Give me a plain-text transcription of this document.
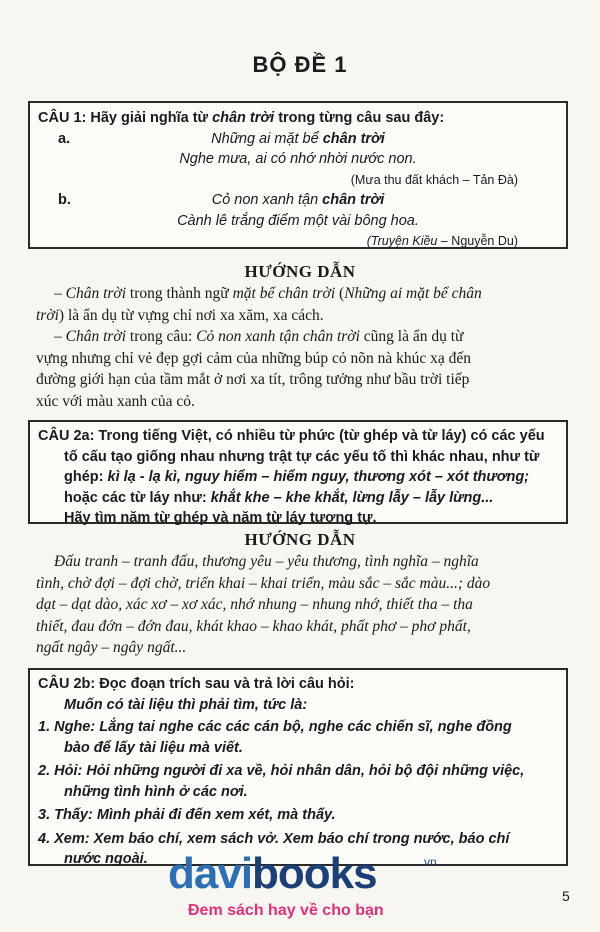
BỘ ĐỀ 1
CÂU 1: Hãy giải nghĩa từ chân trời trong từng câu sau đây:
a.	Những ai mặt bể chân trời
Nghe mưa, ai có nhớ nhời nước non.
(Mưa thu đất khách – Tản Đà)
b.	Cỏ non xanh tận chân trời
Cành lê trắng điểm một vài bông hoa.
(Truyện Kiều – Nguyễn Du)
HƯỚNG DẪN
– Chân trời trong thành ngữ mặt bể chân trời (Những ai mặt bể chân
trời) là ẩn dụ từ vựng chỉ nơi xa xăm, xa cách.
– Chân trời trong câu: Cỏ non xanh tận chân trời cũng là ẩn dụ từ
vựng nhưng chỉ vẻ đẹp gợi cảm của những búp cỏ nõn nà khúc xạ đến
đường giới hạn của tầm mắt ở nơi xa tít, trông tưởng như bầu trời tiếp
xúc với màu xanh của cỏ.
CÂU 2a: Trong tiếng Việt, có nhiều từ phức (từ ghép và từ láy) có các yếu
tố cấu tạo giống nhau nhưng trật tự các yếu tố thì khác nhau, như từ
ghép: kì lạ - lạ kì, nguy hiểm – hiểm nguy, thương xót – xót thương;
hoặc các từ láy như: khắt khe – khe khắt, lừng lẫy – lẫy lừng...
Hãy tìm năm từ ghép và năm từ láy tương tự.
HƯỚNG DẪN
Đấu tranh – tranh đấu, thương yêu – yêu thương, tình nghĩa – nghĩa
tình, chờ đợi – đợi chờ, triển khai – khai triển, màu sắc – sắc màu...; dào
dạt – dạt dào, xác xơ – xơ xác, nhớ nhung – nhung nhớ, thiết tha – tha
thiết, đau đớn – đớn đau, khát khao – khao khát, phất phơ – phơ phất,
ngất ngây – ngây ngất...
CÂU 2b: Đọc đoạn trích sau và trả lời câu hỏi:
Muốn có tài liệu thì phải tìm, tức là:
1. Nghe: Lắng tai nghe các các cán bộ, nghe các chiến sĩ, nghe đồng
bào để lấy tài liệu mà viết.
2. Hỏi: Hỏi những người đi xa về, hỏi nhân dân, hỏi bộ đội những việc,
những tình hình ở các nơi.
3. Thấy: Mình phải đi đến xem xét, mà thấy.
4. Xem: Xem báo chí, xem sách vở. Xem báo chí trong nước, báo chí
nước ngoài. davibooks	vn
Đem sách hay về cho bạn
5
